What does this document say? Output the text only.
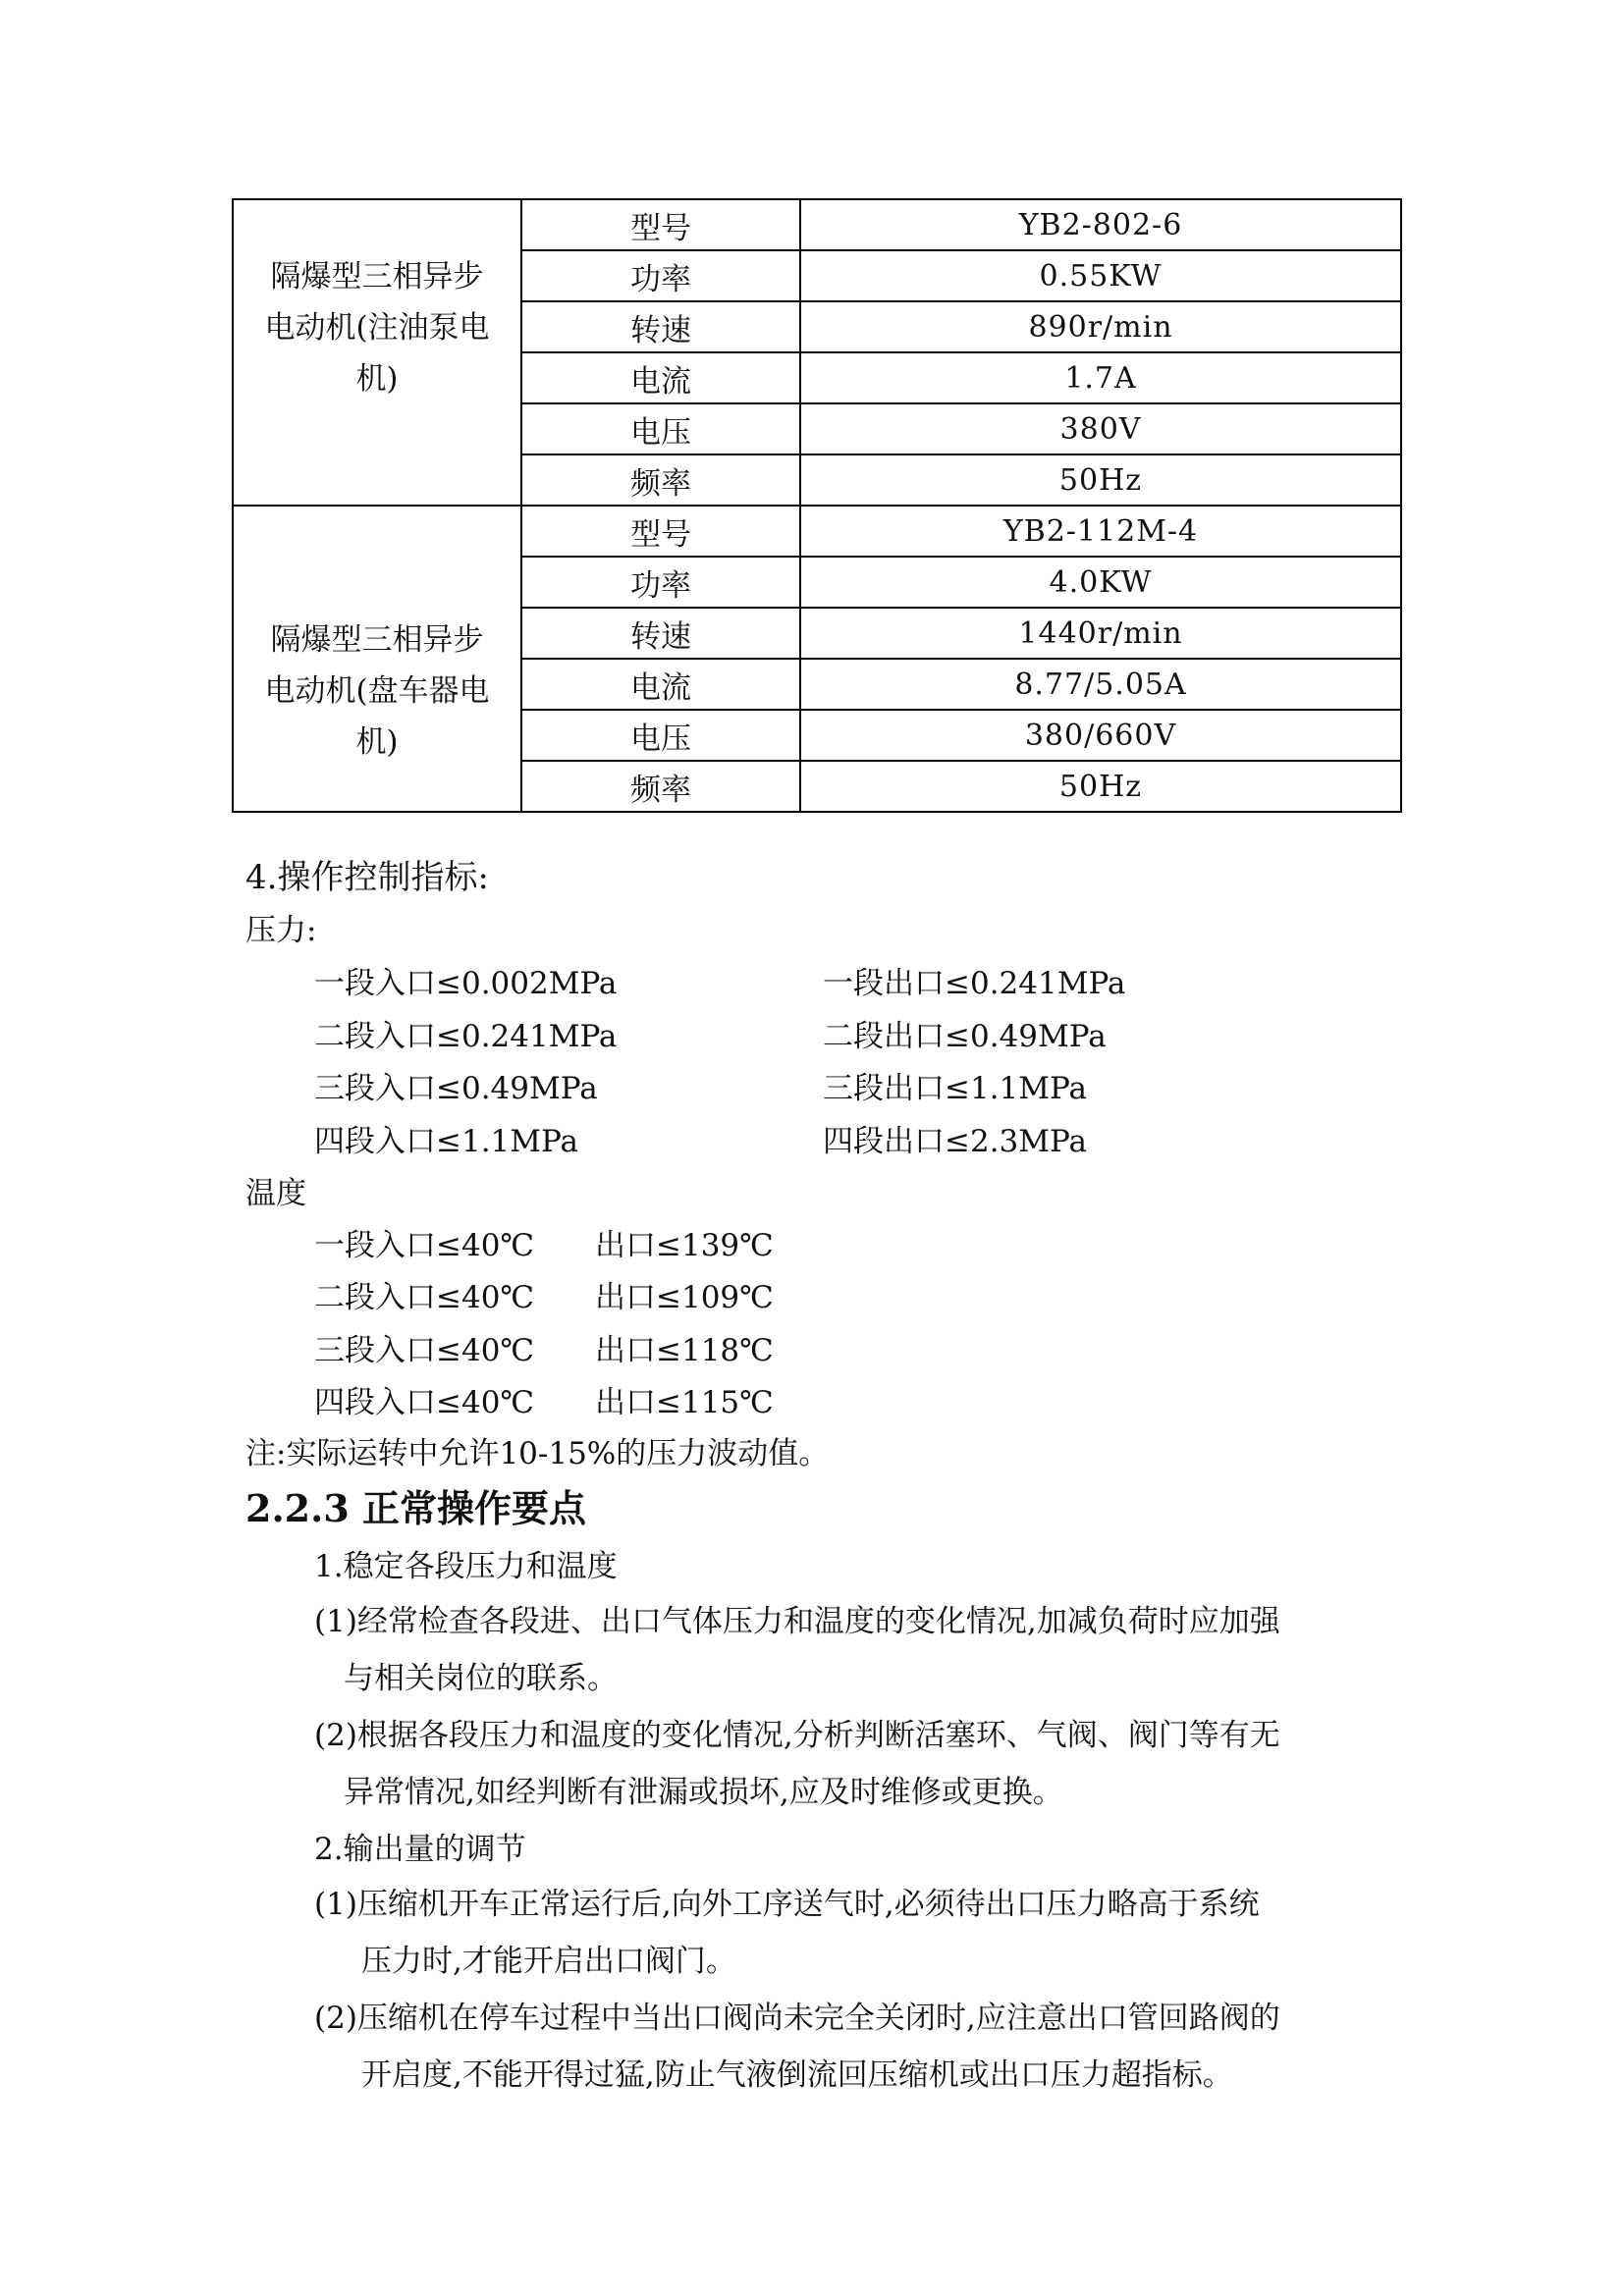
隔爆型三相异步
电动机(注油泵电
机)	型号	YB2-802-6
	功率	0.55KW
	转速	890r/min
	电流	1.7A
	电压	380V
	频率	50Hz

隔爆型三相异步
电动机(盘车器电
机)	型号	YB2-112M-4
	功率	4.0KW
	转速	1440r/min
	电流	8.77/5.05A
	电压	380/660V
	频率	50Hz
4.操作控制指标:
压力:
一段入口≤0.002MPa	一段出口≤0.241MPa
二段入口≤0.241MPa	二段出口≤0.49MPa
三段入口≤0.49MPa	三段出口≤1.1MPa
四段入口≤1.1MPa	四段出口≤2.3MPa
温度
一段入口≤40℃ 出口≤139℃
二段入口≤40℃ 出口≤109℃
三段入口≤40℃ 出口≤118℃
四段入口≤40℃ 出口≤115℃
注:实际运转中允许10-15%的压力波动值。
2.2.3 正常操作要点
1.稳定各段压力和温度
(1)经常检查各段进、出口气体压力和温度的变化情况,加减负荷时应加强
与相关岗位的联系。
(2)根据各段压力和温度的变化情况,分析判断活塞环、气阀、阀门等有无
异常情况,如经判断有泄漏或损坏,应及时维修或更换。
2.输出量的调节
(1)压缩机开车正常运行后,向外工序送气时,必须待出口压力略高于系统
压力时,才能开启出口阀门。
(2)压缩机在停车过程中当出口阀尚未完全关闭时,应注意出口管回路阀的
开启度,不能开得过猛,防止气液倒流回压缩机或出口压力超指标。
